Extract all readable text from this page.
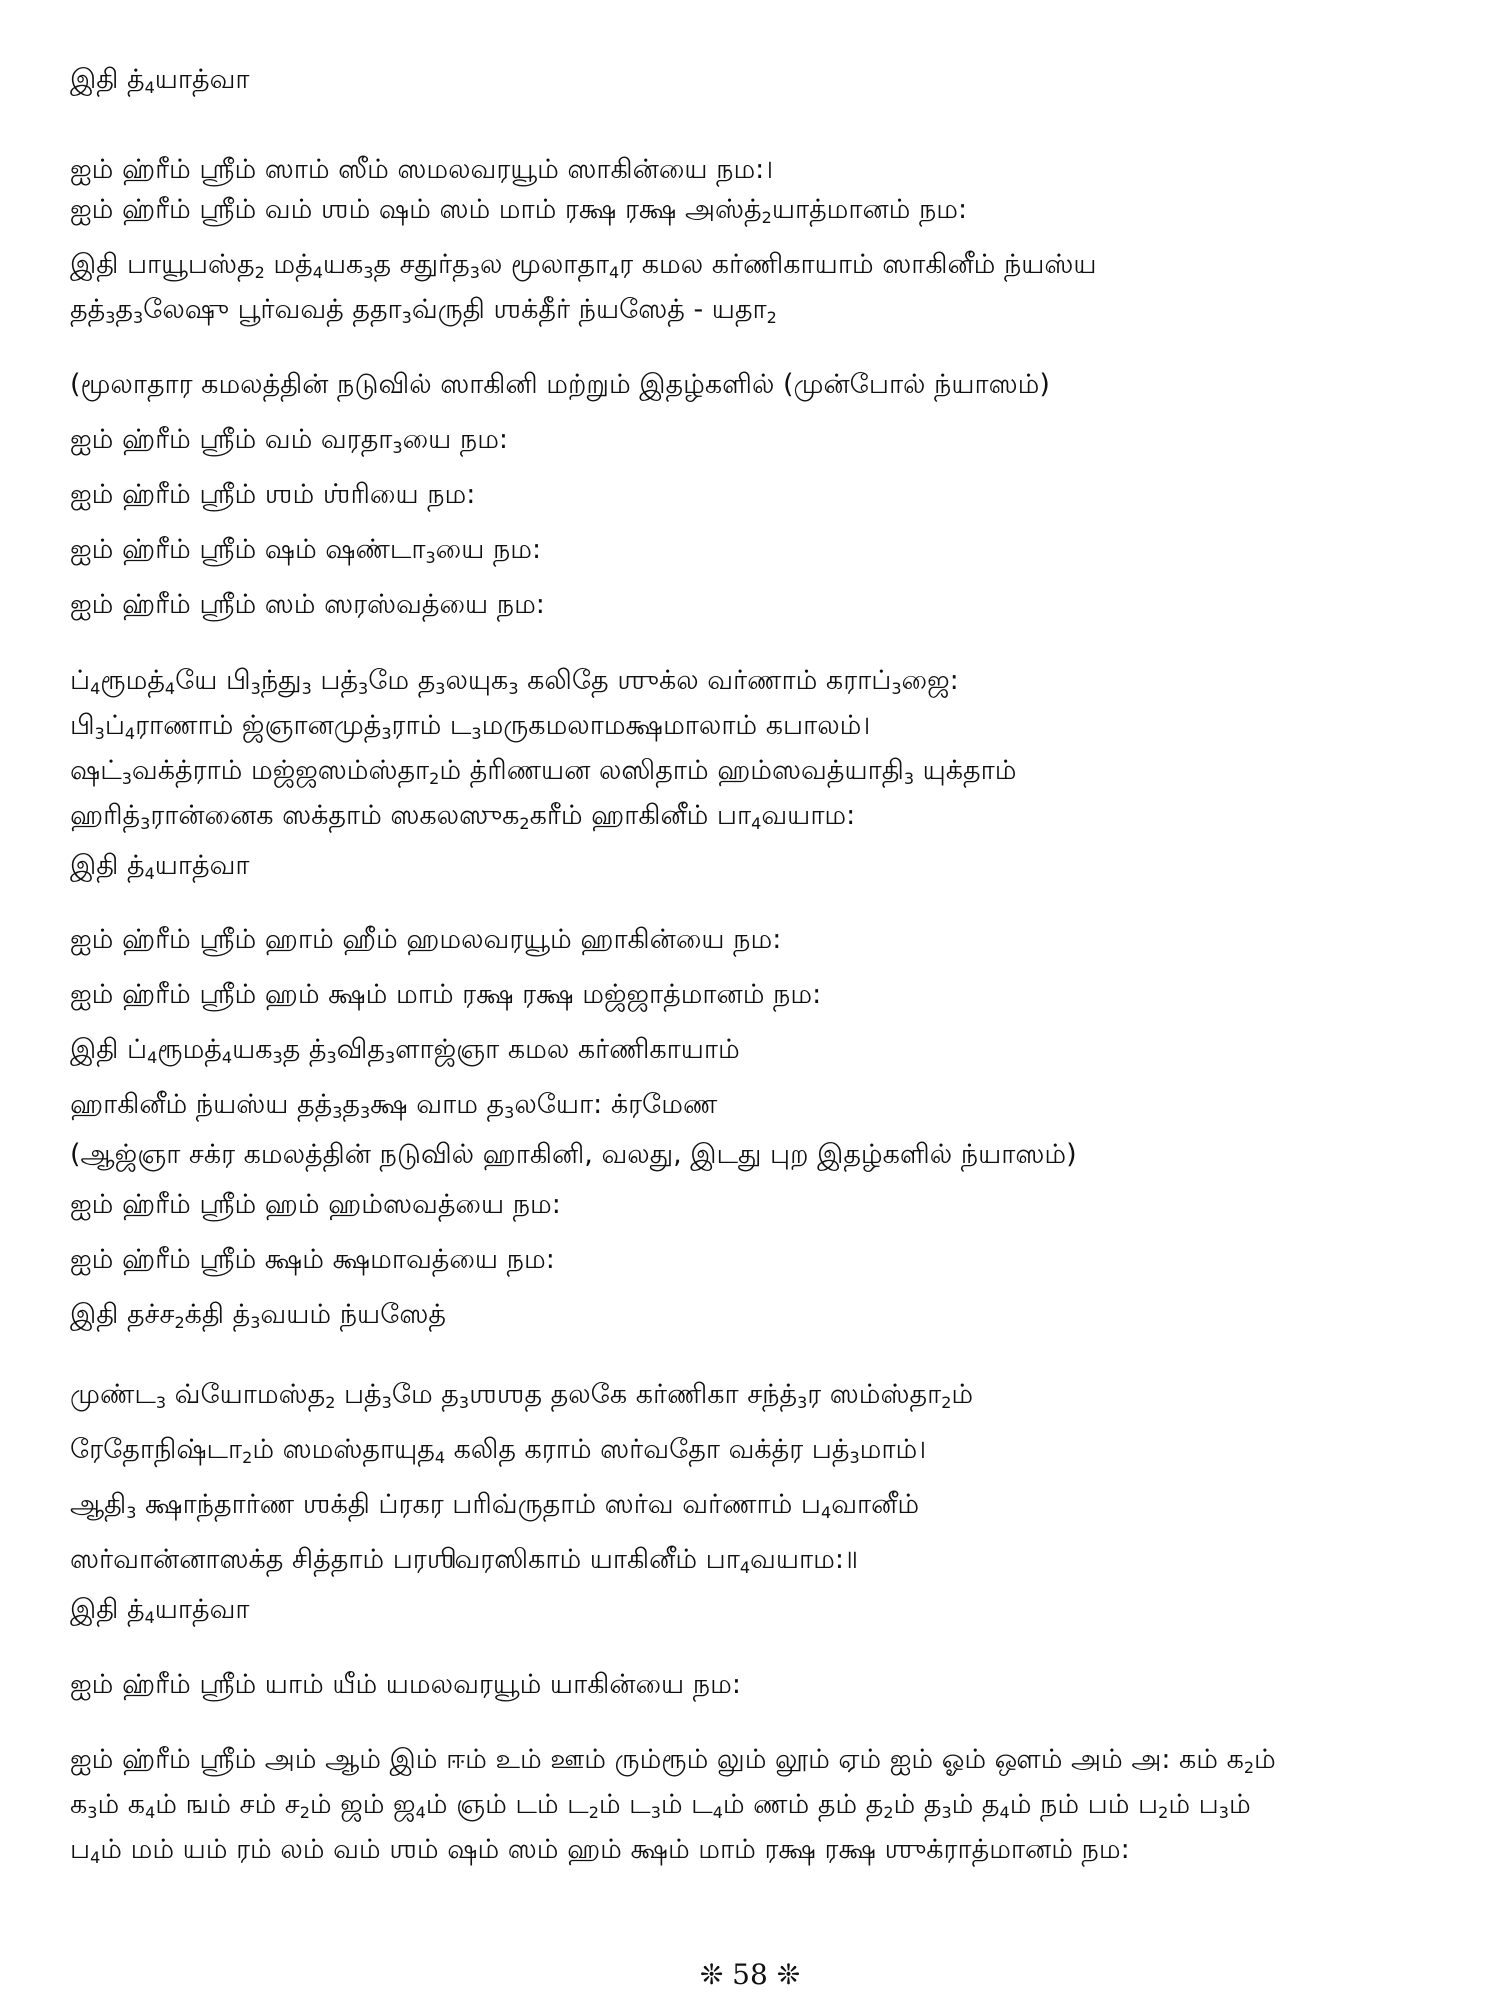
இதி $த்_4யாத்வா$
ஐம் ஹ்ரீம் ஸ்ரீம் ஸாம் ஸீம் ஸமலவரயூம் ஸாகின்யை நம:।
ஐம் ஹ்ரீம் ஸ்ரீம் வம் ஶம் ஷம் ஸம் மாம் ரக்ஷ ரக்ஷ $அஸ்த்_2யாத்மானம்$ நம:
இதி பாயூபஸ்த$_2$ $மத்_4யக_3த$ சதுர்த$_3$ல $மூலாதா_4ர$ கமல கர்ணிகாயாம் ஸாகினீம் ந்யஸ்ய
$தத்_3த_3லேஷு$ பூர்வவத் $ததா_3வ்ருதி$ ஶக்தீர் ந்யஸேத் - $யதா_2$
(மூலாதார கமலத்தின் நடுவில் ஸாகினி மற்றும் இதழ்களில் (முன்போல் ந்யாஸம்)
ஐம் ஹ்ரீம் ஸ்ரீம் வம் $வரதா_3யை$ நம:
ஐம் ஹ்ரீம் ஸ்ரீம் ஶம் ஶ்ரியை நம:
ஐம் ஹ்ரீம் ஸ்ரீம் ஷம் $ஷண்டா_3யை$ நம:
ஐம் ஹ்ரீம் ஸ்ரீம் ஸம் ஸரஸ்வத்யை நம:
$ப்_4ரூமத்_4யே$ $பி_3ந்து_3$ $பத்_3மே$ த$_3$லயுக$_3$ கலிதே ஶுக்ல வர்ணாம் $கராப்_3ஜை$:
$பி_3ப்_4ராணாம்$ $ஜ்ஞானமுத்_3ராம்$ ட$_3$மருகமலாமக்ஷமாலாம் கபாலம்।
$ஷட்_3வக்த்ராம்$ $மஜ்ஜஸம்ஸ்தா_2ம்$ த்ரிணயன லஸிதாம் $ஹம்ஸவத்யாதி_3$ யுக்தாம்
$ஹரித்_3ரான்னைக$ ஸக்தாம் ஸகலஸுக$_2$கரீம் ஹாகினீம் $பா_4வயாம$:
இதி $த்_4யாத்வா$
ஐம் ஹ்ரீம் ஸ்ரீம் ஹாம் ஹீம் ஹமலவரயூம் ஹாகின்யை நம:
ஐம் ஹ்ரீம் ஸ்ரீம் ஹம் க்ஷம் மாம் ரக்ஷ ரக்ஷ மஜ்ஜாத்மானம் நம:
இதி $ப்_4ரூமத்_4யக_3த$ $த்_3வித_3ளாஜ்ஞா$ கமல கர்ணிகாயாம்
ஹாகினீம் ந்யஸ்ய $தத்_3த_3க்ஷ$ வாம த$_3$லயோ: க்ரமேண
(ஆஜ்ஞா சக்ர கமலத்தின் நடுவில் ஹாகினி, வலது, இடது புற இதழ்களில் ந்யாஸம்)
ஐம் ஹ்ரீம் ஸ்ரீம் ஹம் ஹம்ஸவத்யை நம:
ஐம் ஹ்ரீம் ஸ்ரீம் க்ஷம் க்ஷமாவத்யை நம:
இதி தச்ச$_2$க்தி $த்_3வயம்$ ந்யஸேத்
முண்ட$_3$ வ்யோமஸ்த$_2$ $பத்_3மே$ த$_3$ஶஶத தலகே கர்ணிகா $சந்த்_3ர$ $ஸம்ஸ்தா_2ம்$
$ரேதோநிஷ்டா_2ம்$ ஸமஸ்தாயுத$_4$ கலித கராம் ஸர்வதோ வக்த்ர $பத்_3மாம்।$
$ஆதி_3$ க்ஷாந்தார்ண ஶக்தி ப்ரகர பரிவ்ருதாம் ஸர்வ வர்ணாம் ப$_4$வானீம்
ஸர்வான்னாஸக்த சித்தாம் பரஶிவரஸிகாம் யாகினீம் $பா_4வயாம:॥$
இதி $த்_4யாத்வா$
ஐம் ஹ்ரீம் ஸ்ரீம் யாம் யீம் யமலவரயூம் யாகின்யை நம:
ஐம் ஹ்ரீம் ஸ்ரீம் அம் ஆம் இம் ஈம் உம் ஊம் ரும்ரூம் லும் லூம் ஏம் ஐம் ஓம் ஔம் அம் அ: கம் க$_2$ம்
க$_3$ம் க$_4$ம் ஙம் சம் ச$_2$ம் ஜம் ஜ$_4$ம் ஞம் டம் ட$_2$ம் ட$_3$ம் ட$_4$ம் ணம் தம் த$_2$ம் த$_3$ம் த$_4$ம் நம் பம் ப$_2$ம் ப$_3$ம்
ப$_4$ம் மம் யம் ரம் லம் வம் ஶம் ஷம் ஸம் ஹம் க்ஷம் மாம் ரக்ஷ ரக்ஷ ஶுக்ராத்மானம் நம:
❊ 58 ❊
